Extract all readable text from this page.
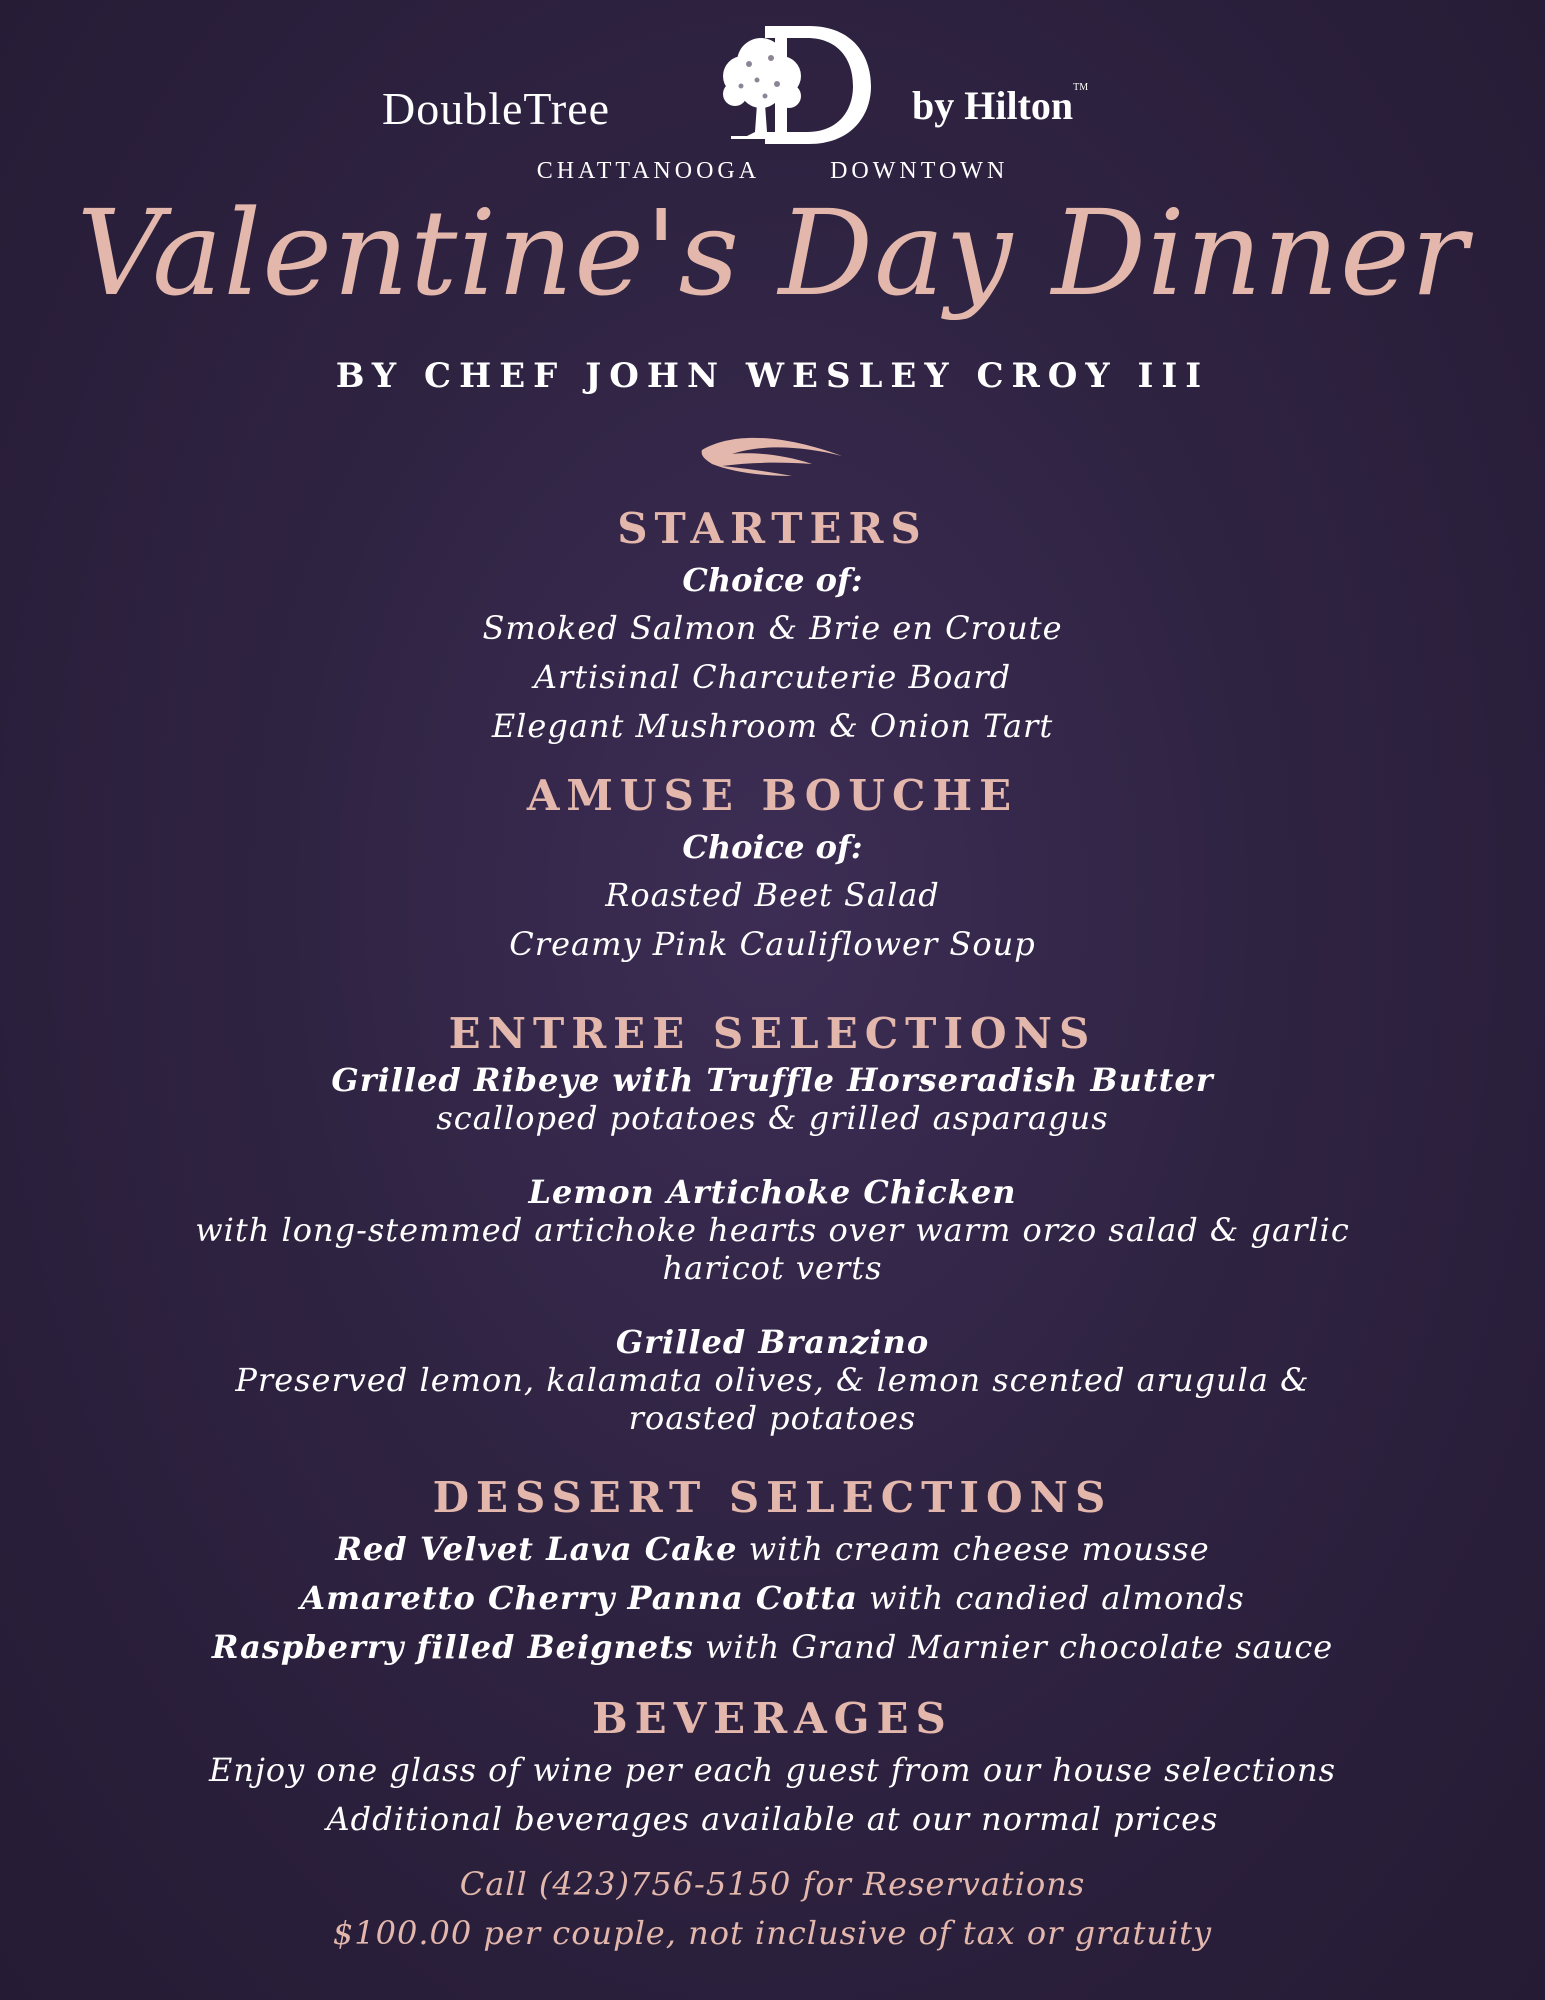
DoubleTree	by Hilton™
CHATTANOOGA	DOWNTOWN
Valentine's Day Dinner
BY CHEF JOHN WESLEY CROY III
STARTERS
Choice of:
Smoked Salmon & Brie en Croute
Artisinal Charcuterie Board
Elegant Mushroom & Onion Tart
AMUSE BOUCHE
Choice of:
Roasted Beet Salad
Creamy Pink Cauliflower Soup
ENTREE SELECTIONS
Grilled Ribeye with Truffle Horseradish Butter
scalloped potatoes & grilled asparagus
Lemon Artichoke Chicken
with long-stemmed artichoke hearts over warm orzo salad & garlic haricot verts
Grilled Branzino
Preserved lemon, kalamata olives, & lemon scented arugula & roasted potatoes
DESSERT SELECTIONS
Red Velvet Lava Cake with cream cheese mousse
Amaretto Cherry Panna Cotta with candied almonds
Raspberry filled Beignets with Grand Marnier chocolate sauce
BEVERAGES
Enjoy one glass of wine per each guest from our house selections
Additional beverages available at our normal prices
Call (423)756-5150 for Reservations
$100.00 per couple, not inclusive of tax or gratuity
